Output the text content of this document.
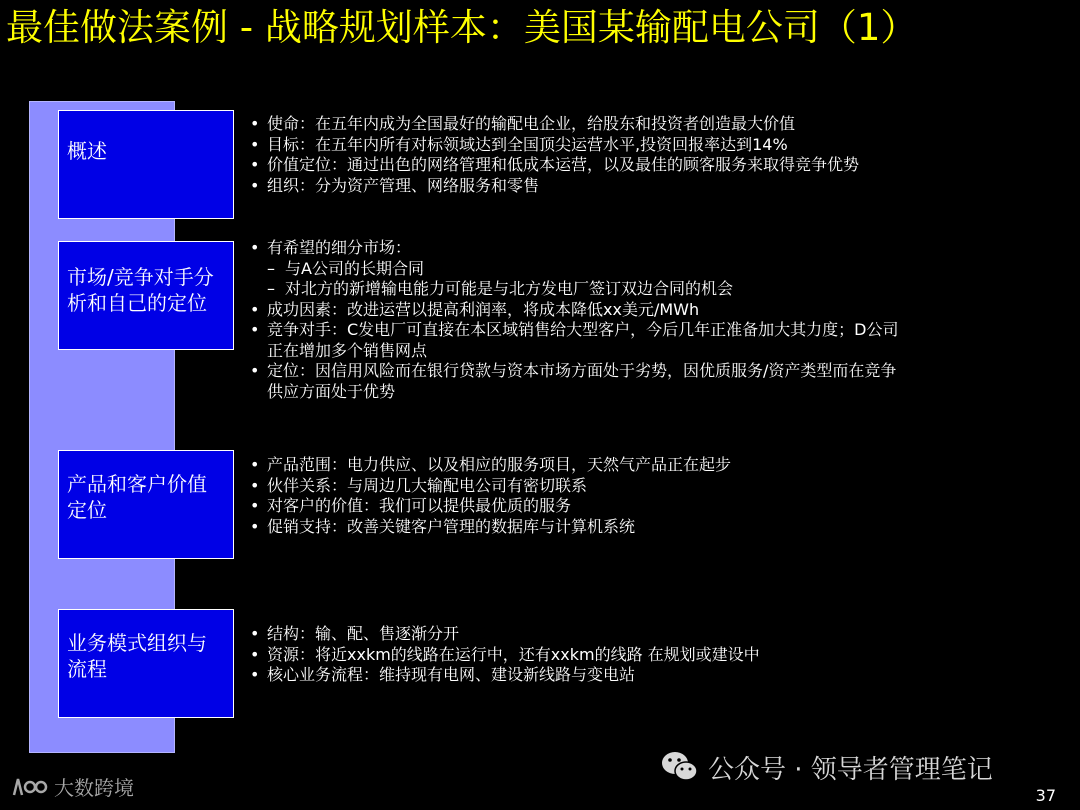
最佳做法案例 - 战略规划样本：美国某输配电公司（1）
概述
• 使命：在五年内成为全国最好的输配电企业，给股东和投资者创造最大价值
• 目标：在五年内所有对标领域达到全国顶尖运营水平,投资回报率达到14%
• 价值定位：通过出色的网络管理和低成本运营，以及最佳的顾客服务来取得竞争优势
• 组织：分为资产管理、网络服务和零售
市场/竞争对手分
析和自己的定位
• 有希望的细分市场：
– 与A公司的长期合同
– 对北方的新增输电能力可能是与北方发电厂签订双边合同的机会
• 成功因素：改进运营以提高利润率，将成本降低xx美元/MWh
• 竞争对手：C发电厂可直接在本区域销售给大型客户，今后几年正准备加大其力度；D公司
正在增加多个销售网点
• 定位：因信用风险而在银行贷款与资本市场方面处于劣势，因优质服务/资产类型而在竞争
供应方面处于优势
产品和客户价值
定位
• 产品范围：电力供应、以及相应的服务项目，天然气产品正在起步
• 伙伴关系：与周边几大输配电公司有密切联系
• 对客户的价值：我们可以提供最优质的服务
• 促销支持：改善关键客户管理的数据库与计算机系统
业务模式组织与
流程
• 结构：输、配、售逐渐分开
• 资源：将近xxkm的线路在运行中，还有xxkm的线路 在规划或建设中
• 核心业务流程：维持现有电网、建设新线路与变电站
公众号 · 领导者管理笔记
大数跨境	37
